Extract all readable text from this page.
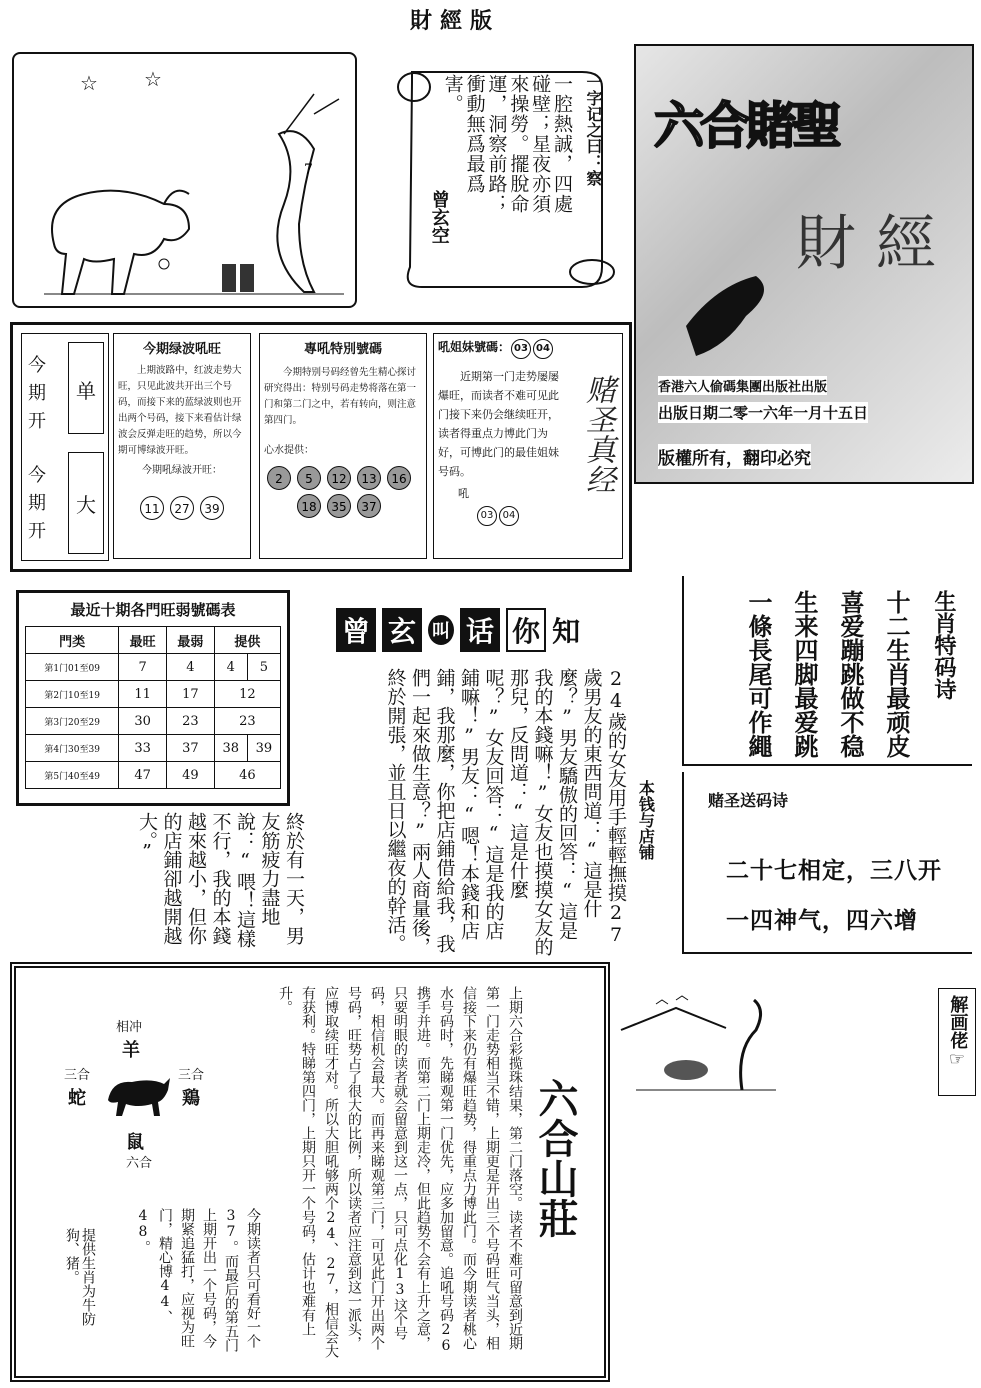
財經版
☆ ☆
7	一字记之曰：察
一腔熱誠，四處碰壁；星夜亦須來操勞。擺脫命運，洞察前路；衝動無爲最爲害。
曾玄空
六合賭聖
財經
香港六人偷碼集團出版社出版
出版日期二零一六年一月十五日
版權所有，翻印必究
今期开
单
今期开
大
今期绿波吼旺

上期波路中，红波走势大旺，只见此波共开出三个号码，而接下来的蓝绿波则也开出两个号码，接下来看估计绿波会反弹走旺的趋势，所以今期可博绿波开旺。

今期吼绿波开旺：
11 27 39
專吼特別號碼

今期特别号码经曾先生精心探讨研究得出：特别号码走势将落在第一门和第二门之中，若有转向，则注意第四门。

心水提供：
2 5 12 13 1618 35 37
吼姐妹號碼： 03 04

近期第一门走势屡屡爆旺，而读者不难可见此门接下来仍会继续旺开，读者得重点力博此门为好，可博此门的最佳姐妹号码。

吼
03 04
赌圣真经
最近十期各門旺弱號碼表
門类	最旺	最弱	提供	
第1门01至09	7	4	4	5
第2门10至19	11	17	12	
第3门20至29	30	23	23	
第4门30至39	33	37	38	39
第5门40至49	47	49	46	
曾 玄 叫 话 你 知
本钱与店铺
24歲的女友用手輕輕撫摸27歲男友的東西問道：“這是什麼？”男友驕傲的回答：“這是我的本錢嘛！”女友也摸摸女友的那兒，反問道：“這是什麼呢？”女友回答：“這是我的店鋪嘛！”男友：“嗯！本錢和店鋪，我那麼，你把店鋪借給我，我們一起來做生意？”兩人商量後，終於開張，並且日以繼夜的幹活。
終於有一天，男友筋疲力盡地說：“喂！這樣不行，我的本錢越來越小，但你的店鋪卻越開越大。”
生肖特码诗
十二生肖最顽皮
喜爱蹦跳做不稳
生来四脚最爱跳
一條長尾可作繩
赌圣送码诗
二十七相定，三八开
一四神气，四六增
相冲
羊
三合
蛇
三合
鶏
鼠
六合
提供生肖为牛防狗、猪。	今期读者只可看好一个37。而最后的第五门上期开出一个号码，今期紧追猛打，应视为旺门，精心博44、48。	上期六合彩揽珠结果，第二门落空。读者不难可留意到近期第一门走势相当不错，上期更是开出三个号码旺气当头，相信接下来仍有爆旺趋势，得重点力博此门。而今期读者桃心水号码时，先睇观第一门优先，应多加留意。追吼号码26携手并进。而第二门上期走冷，但此趋势不会有上升之意，只要明眼的读者就会留意到这一点，只可点化13这个号码，相信机会最大。而再来睇观第三门，可见此门开出两个号码，旺势占了很大的比例，所以读者应注意到这一派头，应博取续旺才对。所以大胆吼够两个24、27，相信会大有获利。特睇第四门，上期只开一个号码，估计也难有上升。
六合山莊
解画佬
☞
